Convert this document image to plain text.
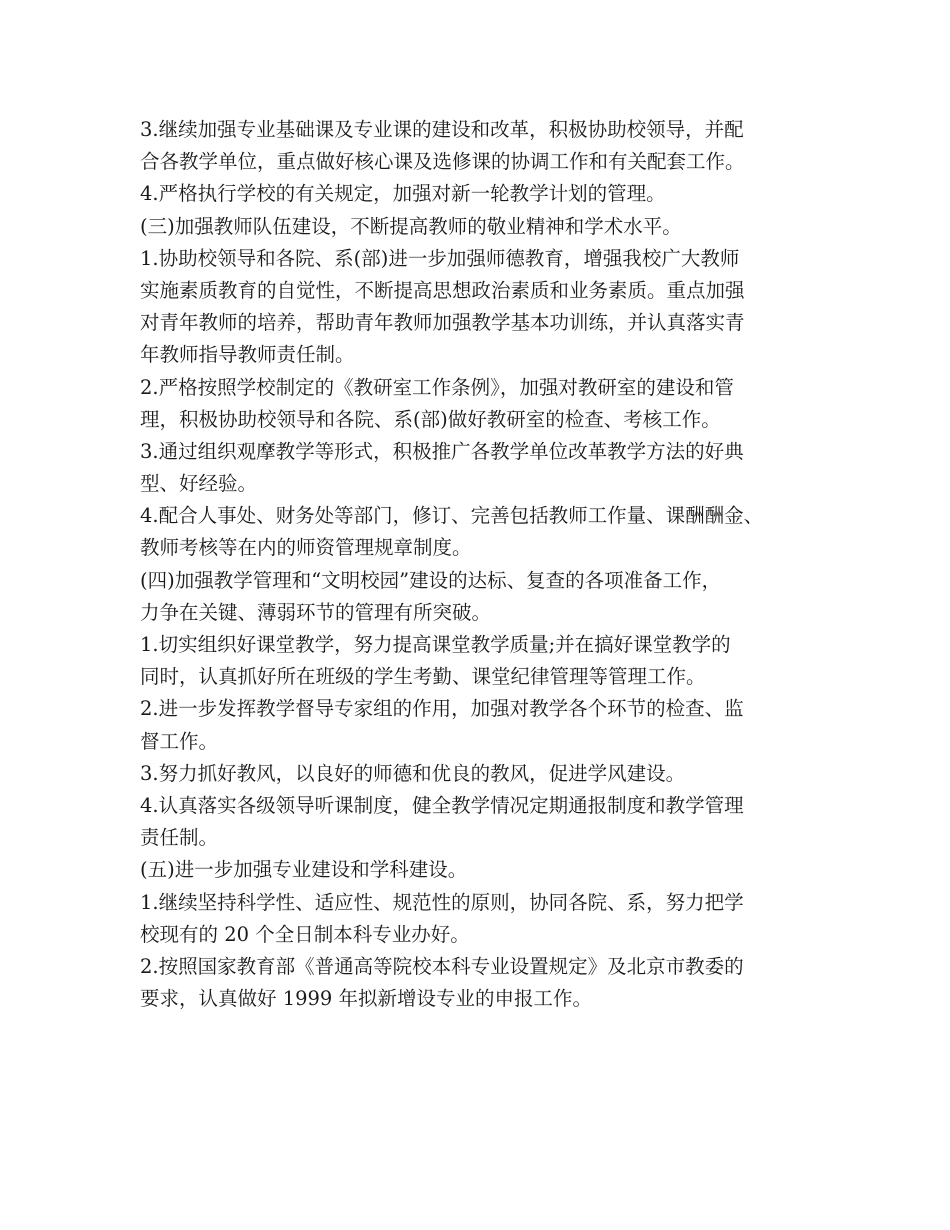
3.继续加强专业基础课及专业课的建设和改革，积极协助校领导，并配
合各教学单位，重点做好核心课及选修课的协调工作和有关配套工作。
4.严格执行学校的有关规定，加强对新一轮教学计划的管理。
(三)加强教师队伍建设，不断提高教师的敬业精神和学术水平。
1.协助校领导和各院、系(部)进一步加强师德教育，增强我校广大教师
实施素质教育的自觉性，不断提高思想政治素质和业务素质。重点加强
对青年教师的培养，帮助青年教师加强教学基本功训练，并认真落实青
年教师指导教师责任制。
2.严格按照学校制定的《教研室工作条例》，加强对教研室的建设和管
理，积极协助校领导和各院、系(部)做好教研室的检查、考核工作。
3.通过组织观摩教学等形式，积极推广各教学单位改革教学方法的好典
型、好经验。
4.配合人事处、财务处等部门，修订、完善包括教师工作量、课酬酬金、
教师考核等在内的师资管理规章制度。
(四)加强教学管理和“文明校园”建设的达标、复查的各项准备工作，
力争在关键、薄弱环节的管理有所突破。
1.切实组织好课堂教学，努力提高课堂教学质量;并在搞好课堂教学的
同时，认真抓好所在班级的学生考勤、课堂纪律管理等管理工作。
2.进一步发挥教学督导专家组的作用，加强对教学各个环节的检查、监
督工作。
3.努力抓好教风，以良好的师德和优良的教风，促进学风建设。
4.认真落实各级领导听课制度，健全教学情况定期通报制度和教学管理
责任制。
(五)进一步加强专业建设和学科建设。
1.继续坚持科学性、适应性、规范性的原则，协同各院、系，努力把学
校现有的 20 个全日制本科专业办好。
2.按照国家教育部《普通高等院校本科专业设置规定》及北京市教委的
要求，认真做好 1999 年拟新增设专业的申报工作。
